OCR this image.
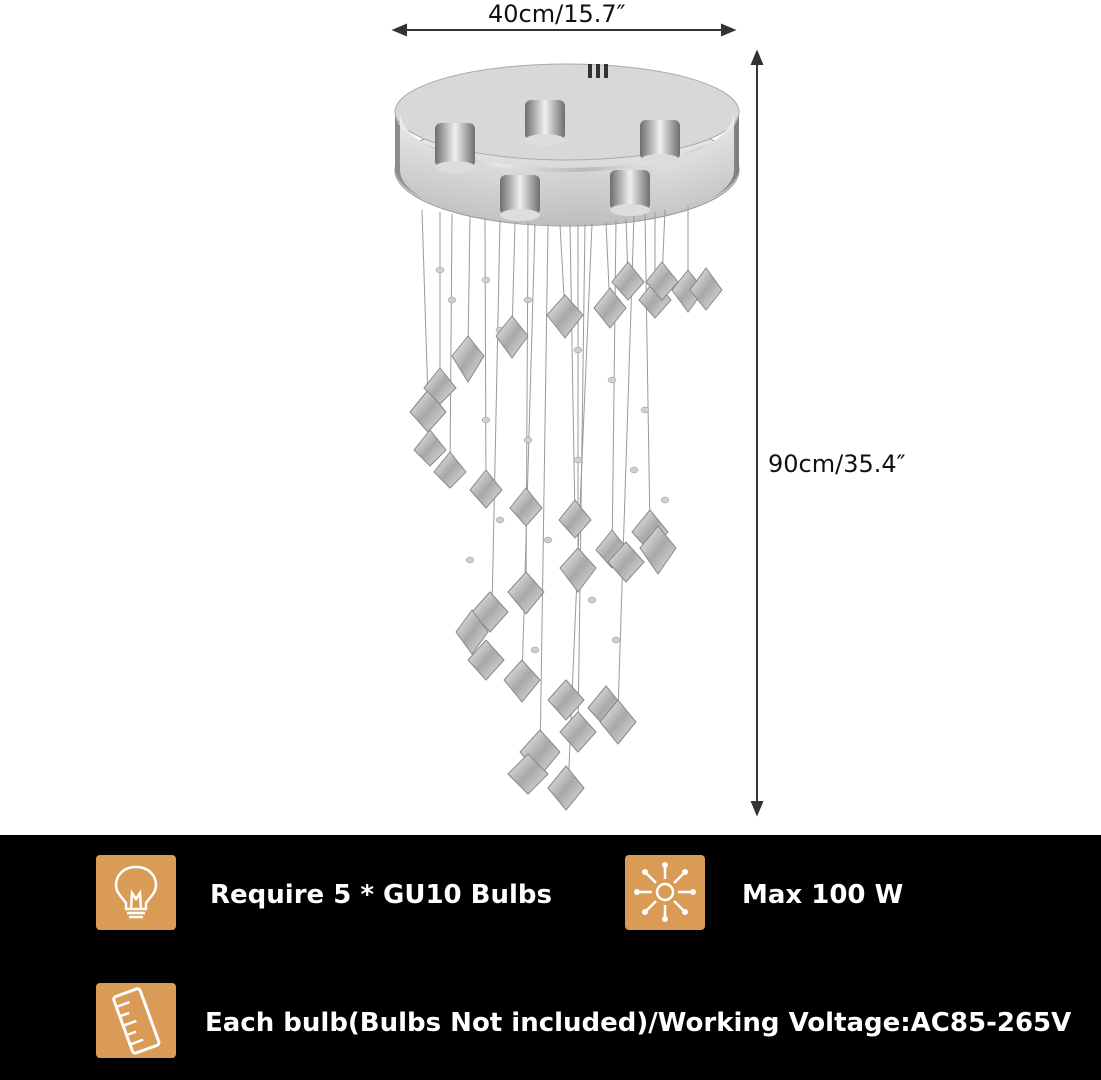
40cm/15.7″
90cm/35.4″
Require 5 * GU10 Bulbs	Max 100 W
Each bulb(Bulbs Not included)/Working Voltage:AC85-265V
